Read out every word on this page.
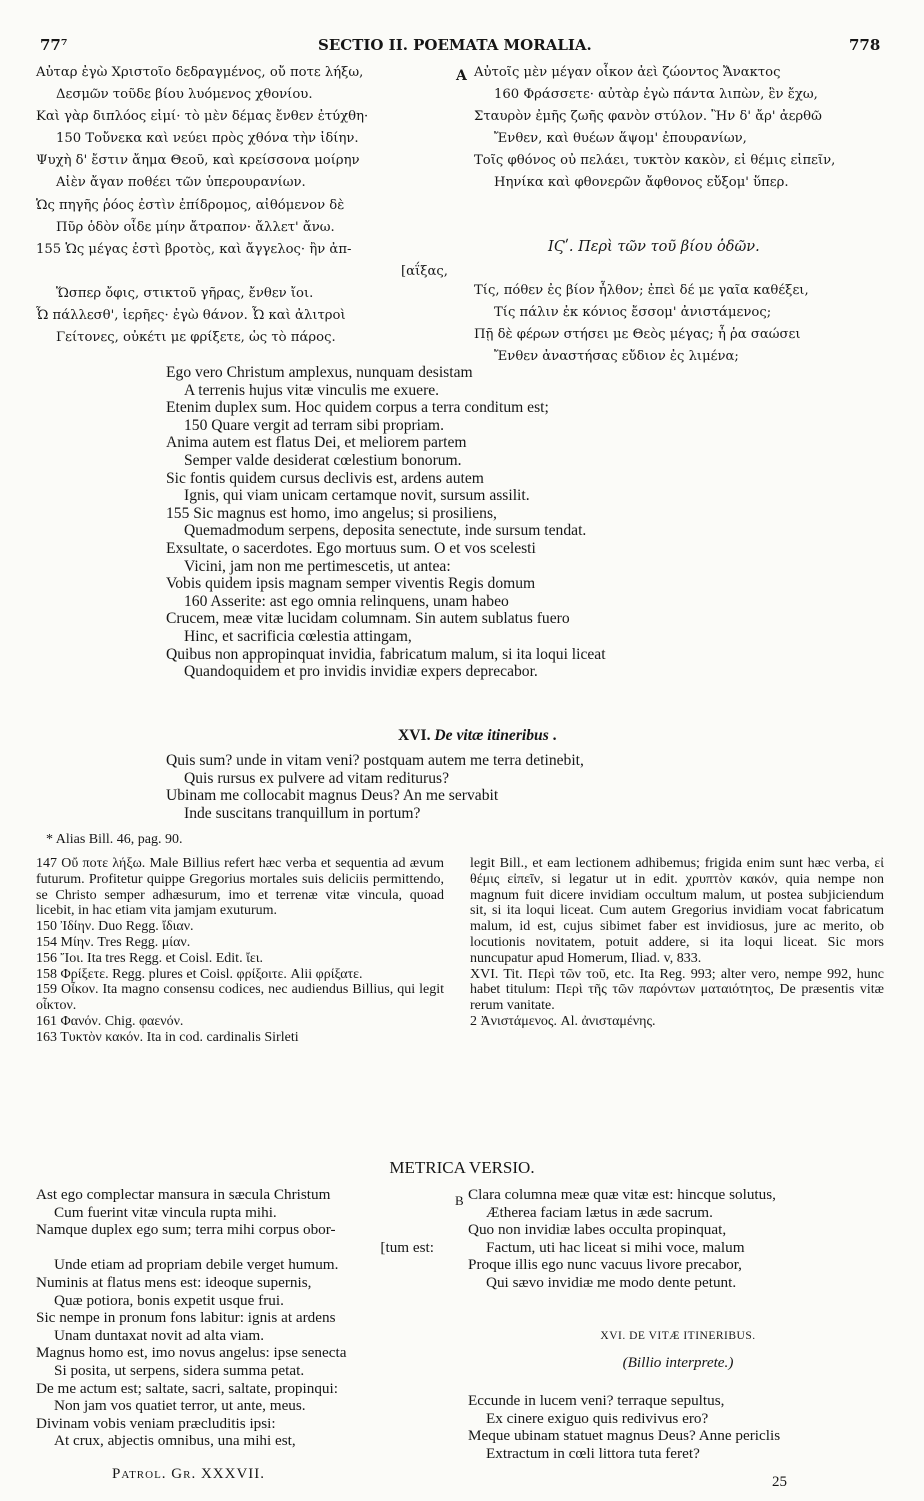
77⁷	SECTIO II. POEMATA MORALIA.	778
Αὐταρ ἐγὼ Χριστοῖο δεδραγμένος, οὔ ποτε λήξω,
Δεσμῶν τοῦδε βίου λυόμενος χθονίου.
Καὶ γὰρ διπλόος εἰμί· τὸ μὲν δέμας ἔνθεν ἐτύχθη·
150 Τοὔνεκα καὶ νεύει πρὸς χθόνα τὴν ἰδίην.
Ψυχὴ δ' ἔστιν ἄημα Θεοῦ, καὶ κρείσσονα μοίρην
Αἰὲν ἄγαν ποθέει τῶν ὑπερουρανίων.
Ὡς πηγῆς ῥόος ἐστὶν ἐπίδρομος, αἰθόμενον δὲ
Πῦρ ὁδὸν οἶδε μίην ἄτραπον· ἄλλετ' ἄνω.
155 Ὡς μέγας ἐστὶ βροτὸς, καὶ ἄγγελος· ἢν ἀπ-
[αΐξας,
Ὥσπερ ὄφις, στικτοῦ γῆρας, ἔνθεν ἴοι.
Ὦ πάλλεσθ', ἱερῆες· ἐγὼ θάνον. Ὦ καὶ ἀλιτροὶ
Γείτονες, οὐκέτι με φρίξετε, ὡς τὸ πάρος.
A Αὐτοῖς μὲν μέγαν οἶκον ἀεὶ ζώοντος Ἄνακτος
160 Φράσσετε· αὐτὰρ ἐγὼ πάντα λιπὼν, ἓν ἔχω,
Σταυρὸν ἐμῆς ζωῆς φανὸν στύλον. Ἢν δ' ἄρ' ἀερθῶ
Ἔνθεν, καὶ θυέων ἅψομ' ἐπουρανίων,
Τοῖς φθόνος οὐ πελάει, τυκτὸν κακὸν, εἰ θέμις εἰπεῖν,
Ηηνίκα καὶ φθονερῶν ἄφθονος εὔξομ' ὕπερ.
ΙϚʹ. Περὶ τῶν τοῦ βίου ὁδῶν.
Τίς, πόθεν ἐς βίον ἦλθον; ἐπεὶ δέ με γαῖα καθέξει,
Τίς πάλιν ἐκ κόνιος ἔσσομ' ἀνιστάμενος;
Πῇ δὲ φέρων στήσει με Θεὸς μέγας; ἦ ῥα σαώσει
Ἔνθεν ἀναστήσας εὔδιον ἐς λιμένα;
Ego vero Christum amplexus, nunquam desistam
A terrenis hujus vitæ vinculis me exuere.
Etenim duplex sum. Hoc quidem corpus a terra conditum est;
150 Quare vergit ad terram sibi propriam.
Anima autem est flatus Dei, et meliorem partem
Semper valde desiderat cœlestium bonorum.
Sic fontis quidem cursus declivis est, ardens autem
Ignis, qui viam unicam certamque novit, sursum assilit.
155 Sic magnus est homo, imo angelus; si prosiliens,
Quemadmodum serpens, deposita senectute, inde sursum tendat.
Exsultate, o sacerdotes. Ego mortuus sum. O et vos scelesti
Vicini, jam non me pertimescetis, ut antea:
Vobis quidem ipsis magnam semper viventis Regis domum
160 Asserite: ast ego omnia relinquens, unam habeo
Crucem, meæ vitæ lucidam columnam. Sin autem sublatus fuero
Hinc, et sacrificia cœlestia attingam,
Quibus non appropinquat invidia, fabricatum malum, si ita loqui liceat
Quandoquidem et pro invidis invidiæ expers deprecabor.
XVI. De vitæ itineribus .
Quis sum? unde in vitam veni? postquam autem me terra detinebit,
Quis rursus ex pulvere ad vitam rediturus?
Ubinam me collocabit magnus Deus? An me servabit
Inde suscitans tranquillum in portum?
* Alias Bill. 46, pag. 90.
147 Οὔ ποτε λήξω. Male Billius refert hæc verba et sequentia ad ævum futurum. Profitetur quippe Gregorius mortales suis deliciis permittendo, se Christo semper adhæsurum, imo et terrenæ vitæ vincula, quoad licebit, in hac etiam vita jamjam exuturum.
150 Ἰδίην. Duo Regg. ἴδιαν.
154 Μίην. Tres Regg. μίαν.
156 Ἴοι. Ita tres Regg. et Coisl. Edit. ἴει.
158 Φρίξετε. Regg. plures et Coisl. φρίξοιτε. Alii φρίξατε.
159 Οἶκον. Ita magno consensu codices, nec audiendus Billius, qui legit οἶκτον.
161 Φανόν. Chig. φαενόν.
163 Τυκτὸν κακόν. Ita in cod. cardinalis Sirleti
legit Bill., et eam lectionem adhibemus; frigida enim sunt hæc verba, εἰ θέμις εἰπεῖν, si legatur ut in edit. χρυπτὸν κακόν, quia nempe non magnum fuit dicere invidiam occultum malum, ut postea subjiciendum sit, si ita loqui liceat. Cum autem Gregorius invidiam vocat fabricatum malum, id est, cujus sibimet faber est invidiosus, jure ac merito, ob locutionis novitatem, potuit addere, si ita loqui liceat. Sic mors nuncupatur apud Homerum, Iliad. v, 833.
XVI. Tit. Περὶ τῶν τοῦ, etc. Ita Reg. 993; alter vero, nempe 992, hunc habet titulum: Περὶ τῆς τῶν παρόντων ματαιότητος, De præsentis vitæ rerum vanitate.
2 Ἀνιστάμενος. Al. ἀνισταμένης.
METRICA VERSIO.
Ast ego complectar mansura in sæcula Christum
Cum fuerint vitæ vincula rupta mihi.
Namque duplex ego sum; terra mihi corpus obor-
[tum est:
Unde etiam ad propriam debile verget humum.
Numinis at flatus mens est: ideoque supernis,
Quæ potiora, bonis expetit usque frui.
Sic nempe in pronum fons labitur: ignis at ardens
Unam duntaxat novit ad alta viam.
Magnus homo est, imo novus angelus: ipse senecta
Si posita, ut serpens, sidera summa petat.
De me actum est; saltate, sacri, saltate, propinqui:
Non jam vos quatiet terror, ut ante, meus.
Divinam vobis veniam præcluditis ipsi:
At crux, abjectis omnibus, una mihi est,
B Clara columna meæ quæ vitæ est: hincque solutus,
Ætherea faciam lætus in æde sacrum.
Quo non invidiæ labes occulta propinquat,
Factum, uti hac liceat si mihi voce, malum
Proque illis ego nunc vacuus livore precabor,
Qui sævo invidiæ me modo dente petunt.
XVI. DE VITÆ ITINERIBUS.
(Billio interprete.)
Eccunde in lucem veni? terraque sepultus,
Ex cinere exiguo quis redivivus ero?
Meque ubinam statuet magnus Deus? Anne periclis
Extractum in cœli littora tuta feret?
Patrol. Gr. XXXVII.	25
